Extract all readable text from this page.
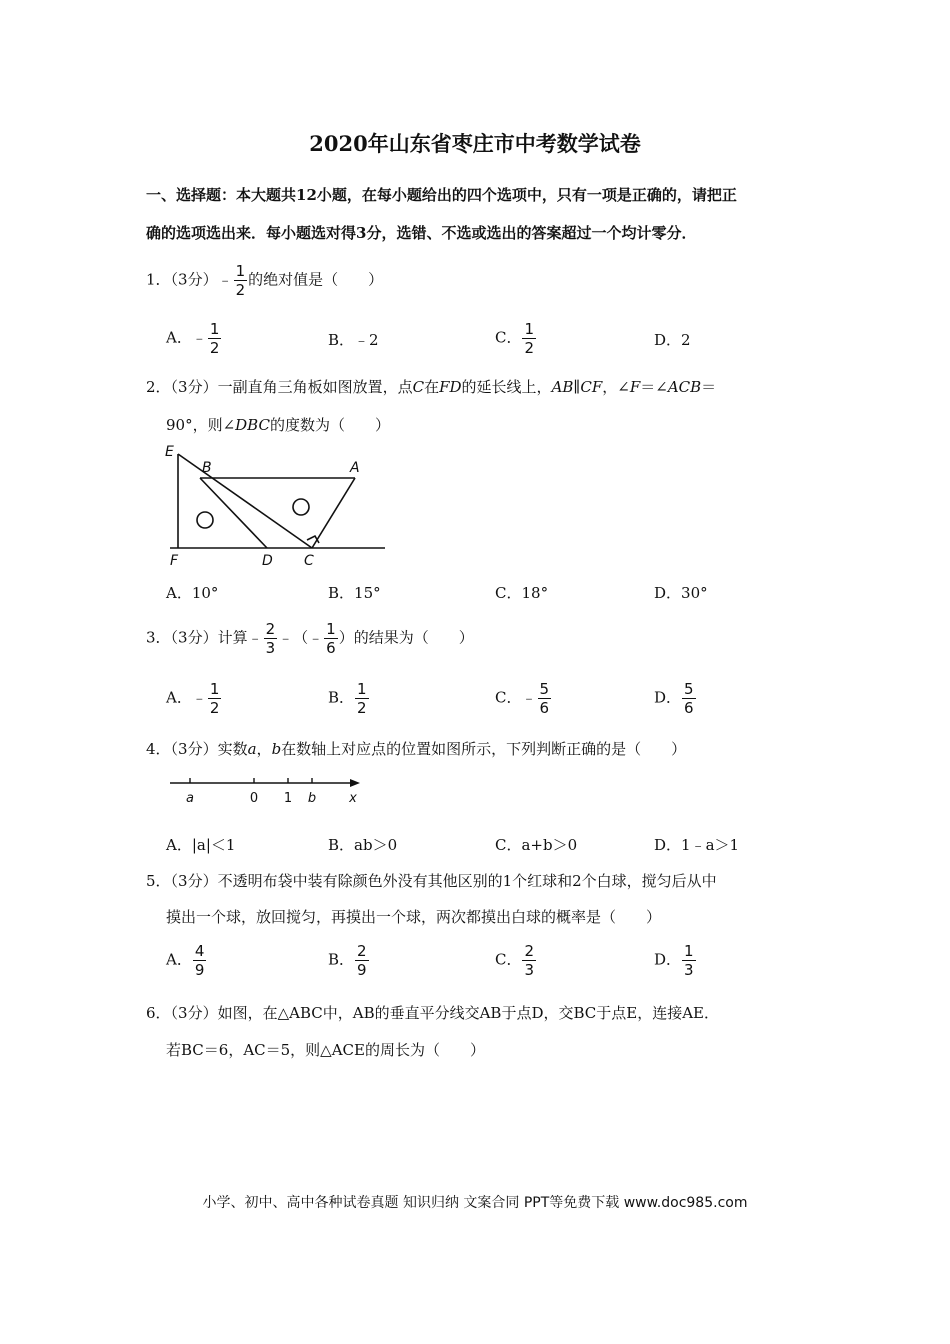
2020年山东省枣庄市中考数学试卷
一、选择题：本大题共12小题，在每小题给出的四个选项中，只有一项是正确的，请把正
确的选项选出来．每小题选对得3分，选错、不选或选出的答案超过一个均计零分．
1．（3分）﹣ $\frac{1}{2}$ 的绝对值是（　　）
A．﹣ $\frac{1}{2}$	B．﹣2	C． $\frac{1}{2}$	D．2
2．（3分）一副直角三角板如图放置，点C在FD的延长线上，AB∥CF，∠F＝∠ACB＝
90°，则∠DBC的度数为（　　）
E
B	A
F	D C
A．10°	B．15°	C．18°	D．30°
3．（3分）计算﹣ $\frac{2}{3}$ ﹣（﹣ $\frac{1}{6}$ ）的结果为（　　）
A．﹣ $\frac{1}{2}$	B． $\frac{1}{2}$	C．﹣ $\frac{5}{6}$	D． $\frac{5}{6}$
4．（3分）实数a，b在数轴上对应点的位置如图所示，下列判断正确的是（　　）
a	0 1 b	x
A．|a|＜1	B．ab＞0	C．a+b＞0	D．1﹣a＞1
5．（3分）不透明布袋中装有除颜色外没有其他区别的1个红球和2个白球，搅匀后从中
摸出一个球，放回搅匀，再摸出一个球，两次都摸出白球的概率是（　　）
A． $\frac{4}{9}$	B． $\frac{2}{9}$	C． $\frac{2}{3}$	D． $\frac{1}{3}$
6．（3分）如图，在△ABC中，AB的垂直平分线交AB于点D，交BC于点E，连接AE．
若BC＝6，AC＝5，则△ACE的周长为（　　）
小学、初中、高中各种试卷真题 知识归纳 文案合同 PPT等免费下载 www.doc985.com
